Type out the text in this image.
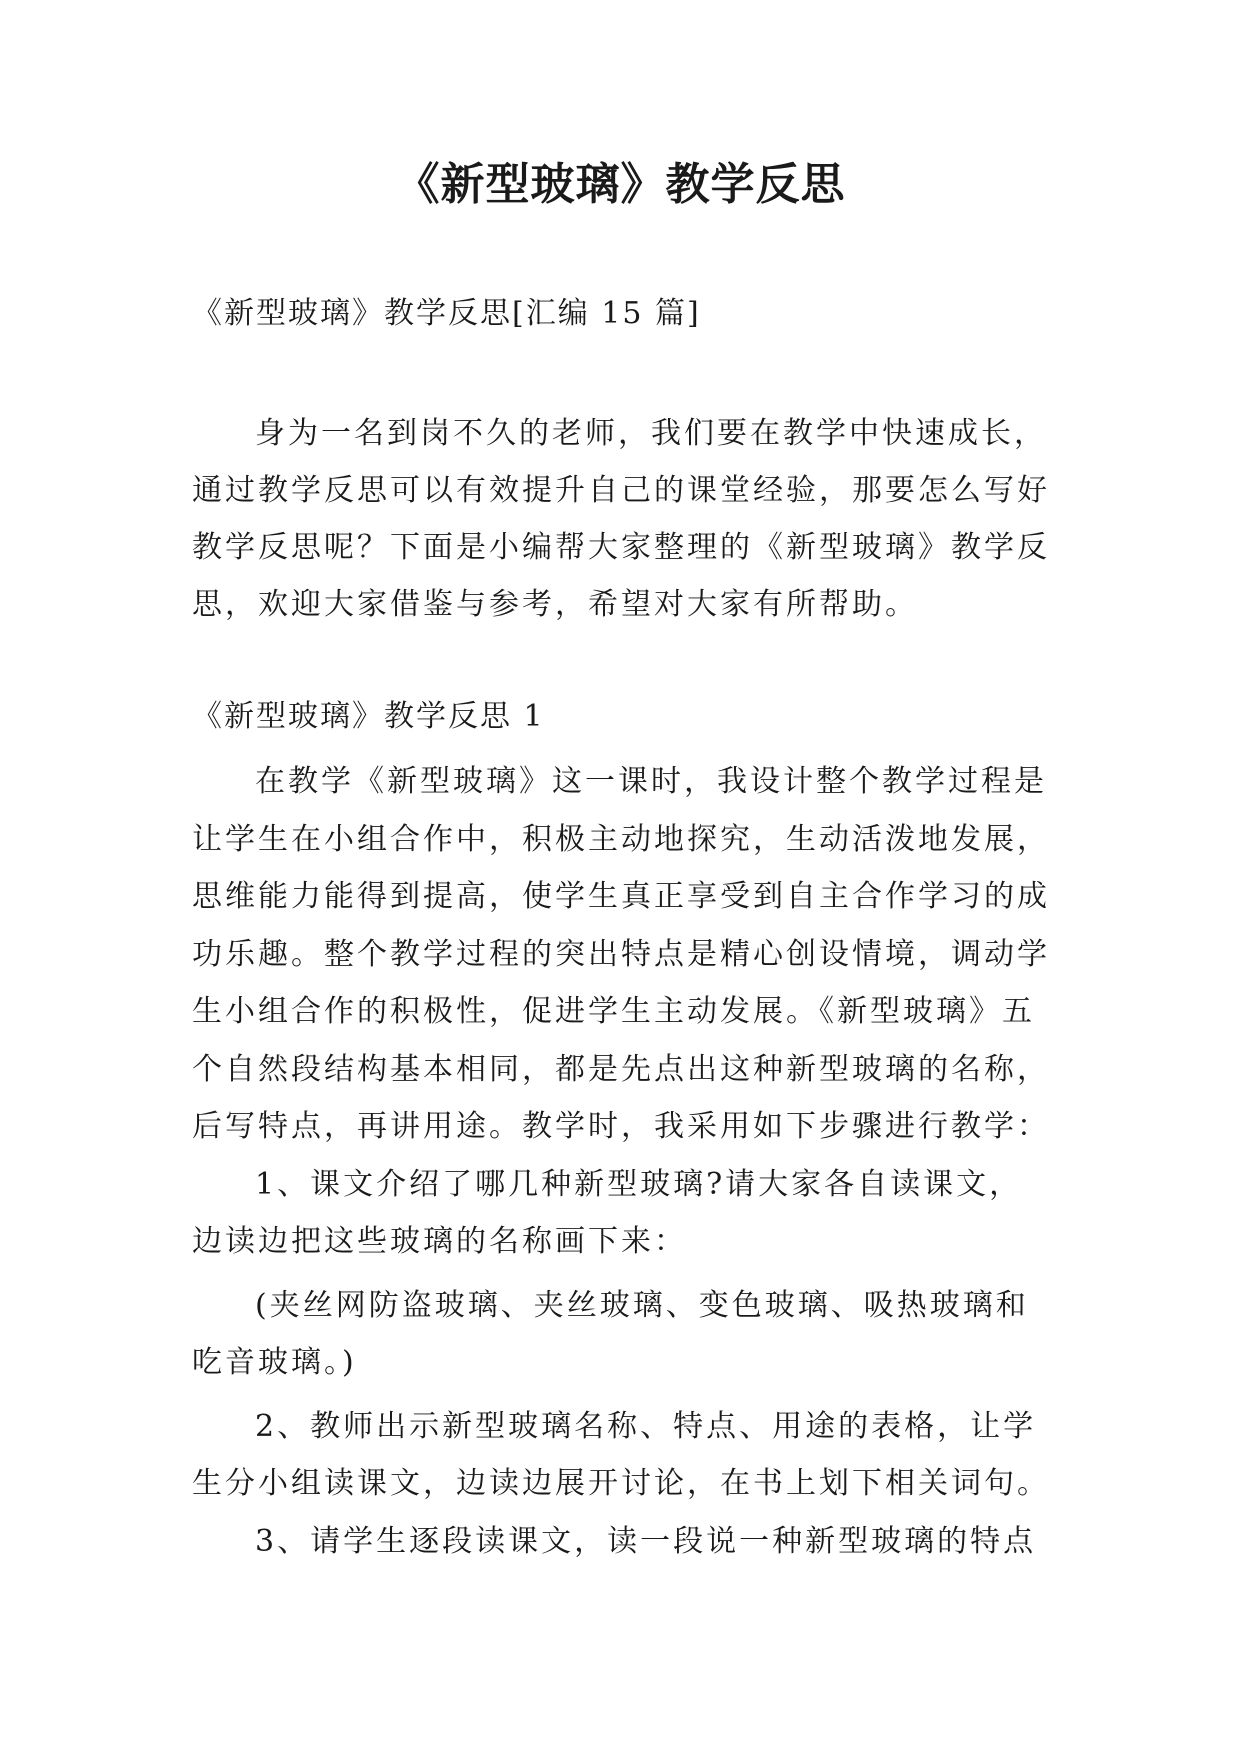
《新型玻璃》教学反思
《新型玻璃》教学反思[汇编 15 篇]

身为一名到岗不久的老师，我们要在教学中快速成长，通过教学反思可以有效提升自己的课堂经验，那要怎么写好教学反思呢？下面是小编帮大家整理的《新型玻璃》教学反思，欢迎大家借鉴与参考，希望对大家有所帮助。

《新型玻璃》教学反思 1

在教学《新型玻璃》这一课时，我设计整个教学过程是让学生在小组合作中，积极主动地探究，生动活泼地发展，思维能力能得到提高，使学生真正享受到自主合作学习的成功乐趣。整个教学过程的突出特点是精心创设情境，调动学生小组合作的积极性，促进学生主动发展。《新型玻璃》五个自然段结构基本相同，都是先点出这种新型玻璃的名称，后写特点，再讲用途。教学时，我采用如下步骤进行教学：

1、课文介绍了哪几种新型玻璃?请大家各自读课文，边读边把这些玻璃的名称画下来：

(夹丝网防盗玻璃、夹丝玻璃、变色玻璃、吸热玻璃和吃音玻璃。)

2、教师出示新型玻璃名称、特点、用途的表格，让学生分小组读课文，边读边展开讨论，在书上划下相关词句。

3、请学生逐段读课文，读一段说一种新型玻璃的特点
